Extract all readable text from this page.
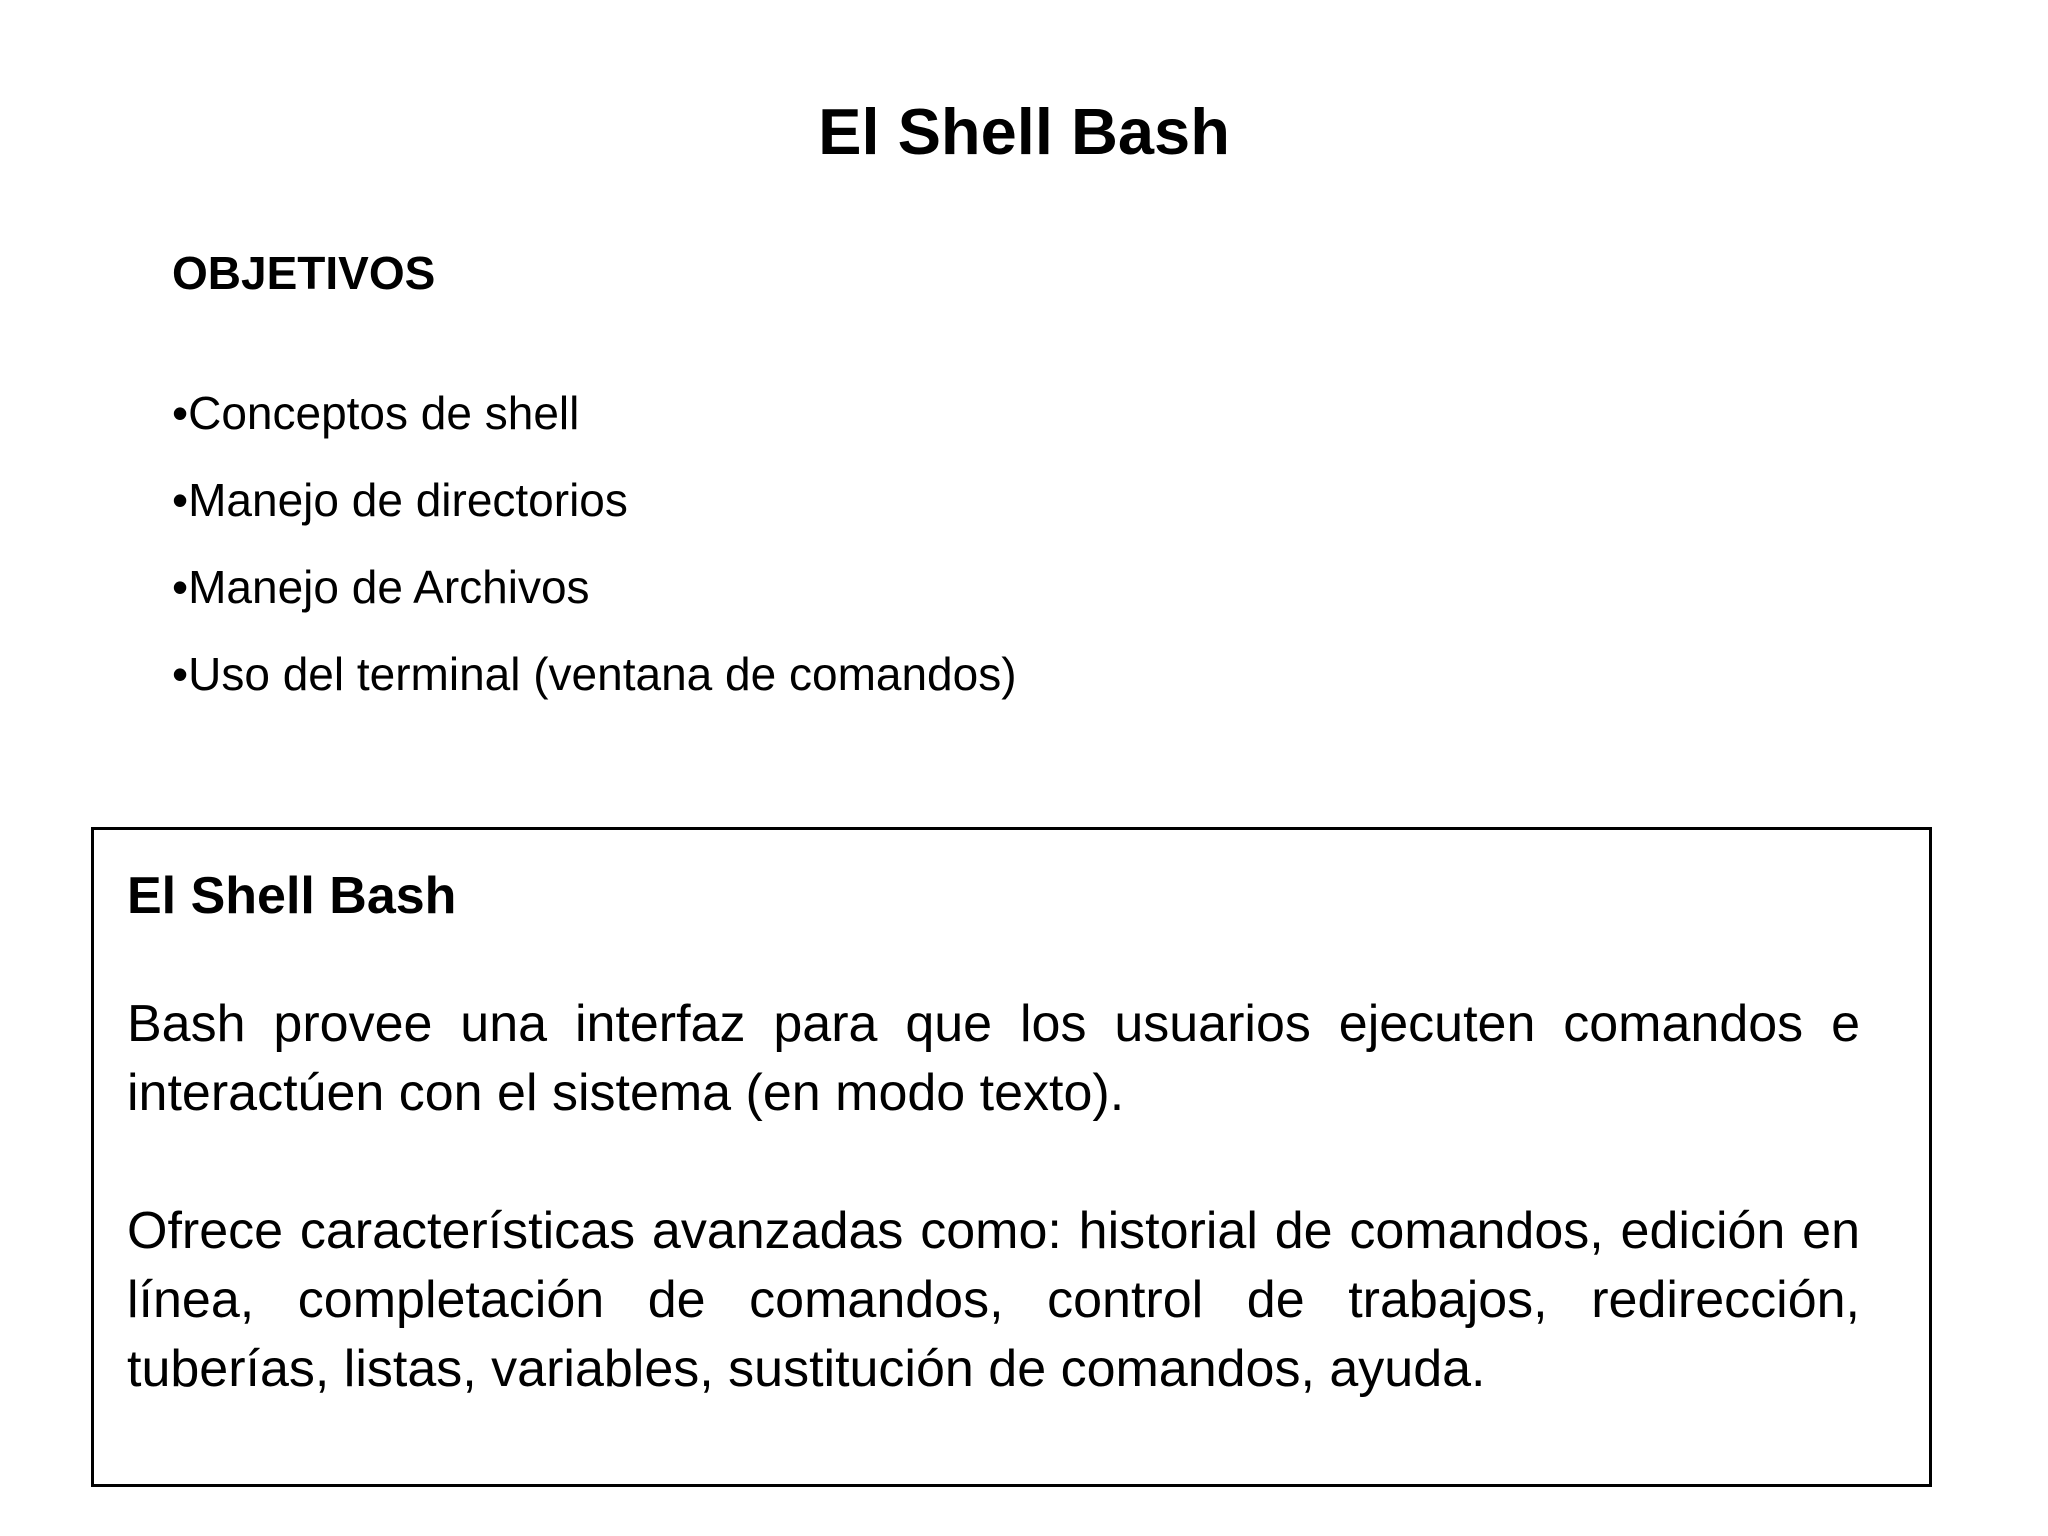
El Shell Bash
OBJETIVOS
•Conceptos de shell
•Manejo de directorios
•Manejo de Archivos
•Uso del terminal (ventana de comandos)
El Shell Bash

Bash provee una interfaz para que los usuarios ejecuten comandos e interactúen con el sistema (en modo texto).

Ofrece características avanzadas como: historial de comandos, edición en línea, completación de comandos, control de trabajos, redirección, tuberías, listas, variables, sustitución de comandos, ayuda.
